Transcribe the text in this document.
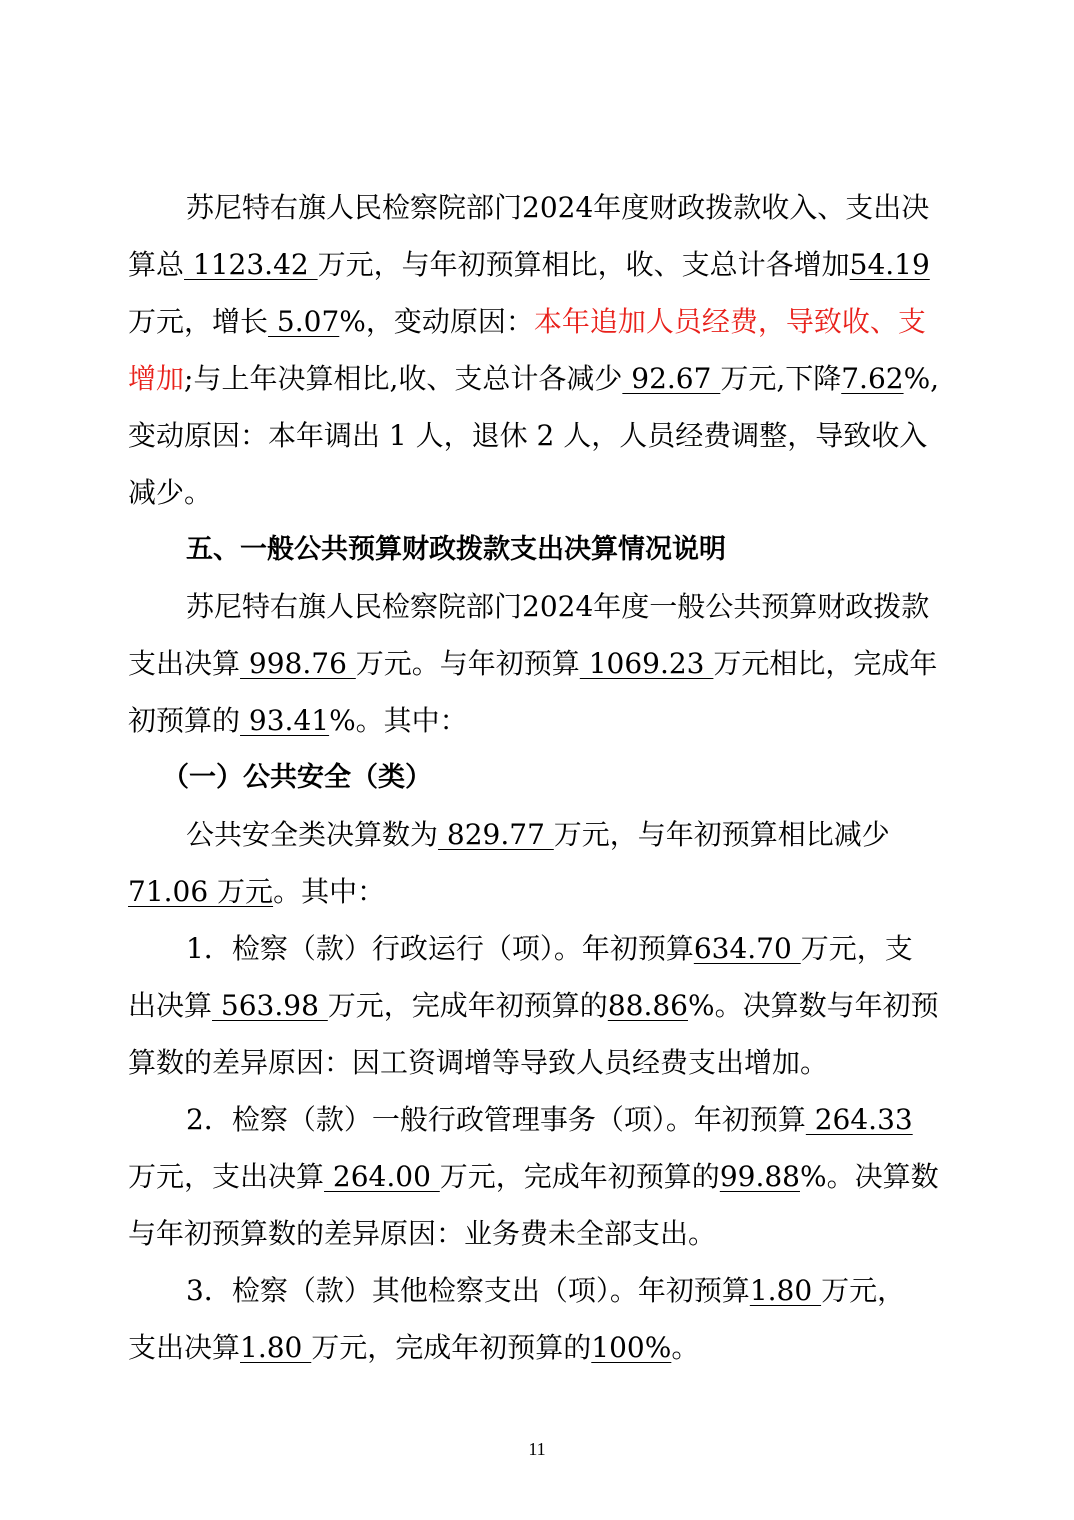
苏尼特右旗人民检察院部门2024年度财政拨款收入、支出决
算总 1123.42 万元，与年初预算相比，收、支总计各增加54.19
万元，增长 5.07%，变动原因：本年追加人员经费，导致收、支
增加;与上年决算相比,收、支总计各减少 92.67 万元,下降7.62%,
变动原因：本年调出 1 人，退休 2 人，人员经费调整，导致收入
减少。
五、一般公共预算财政拨款支出决算情况说明
苏尼特右旗人民检察院部门2024年度一般公共预算财政拨款
支出决算 998.76 万元。与年初预算 1069.23 万元相比，完成年
初预算的 93.41%。其中：
（一）公共安全（类）
公共安全类决算数为 829.77 万元，与年初预算相比减少
71.06 万元。其中：
1．检察（款）行政运行（项）。年初预算634.70 万元，支
出决算 563.98 万元，完成年初预算的88.86%。决算数与年初预
算数的差异原因：因工资调增等导致人员经费支出增加。
2．检察（款）一般行政管理事务（项）。年初预算 264.33
万元，支出决算 264.00 万元，完成年初预算的99.88%。决算数
与年初预算数的差异原因：业务费未全部支出。
3．检察（款）其他检察支出（项）。年初预算1.80 万元，
支出决算1.80 万元，完成年初预算的100%。
11
